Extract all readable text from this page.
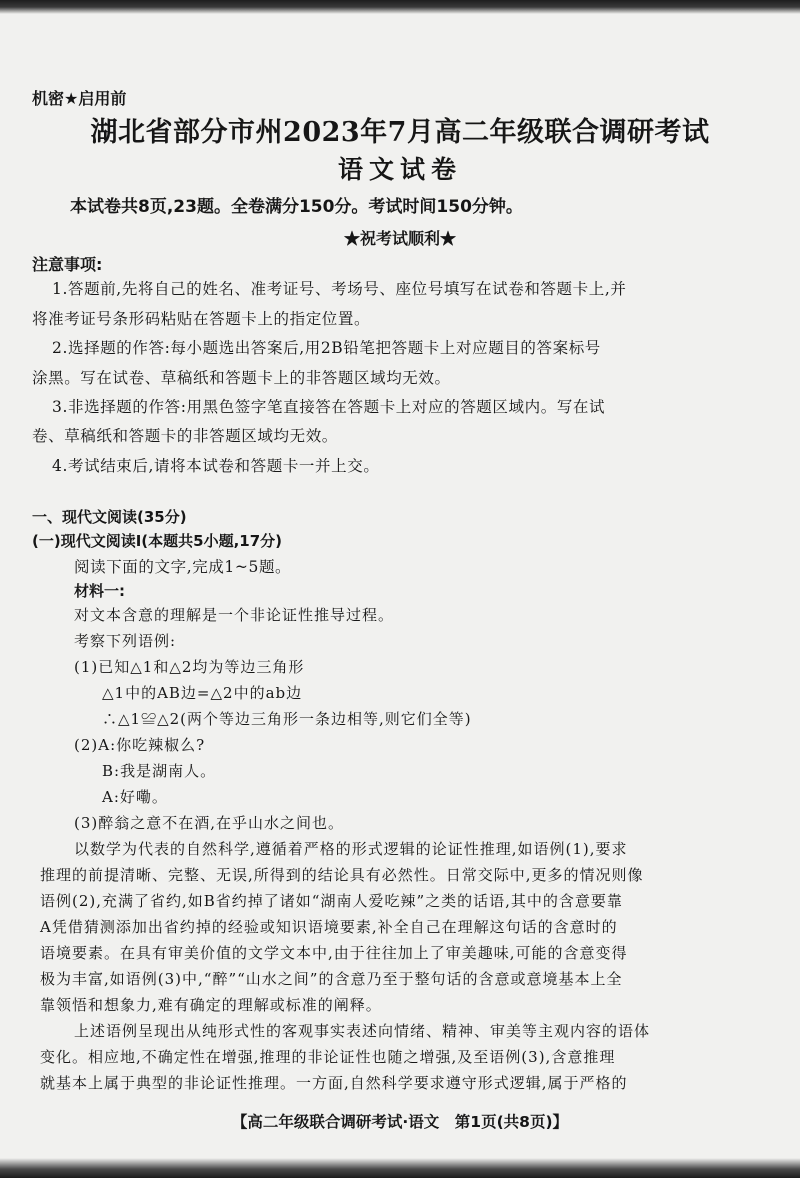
机密★启用前
湖北省部分市州2023年7月高二年级联合调研考试
语文试卷
本试卷共8页,23题。全卷满分150分。考试时间150分钟。
★祝考试顺利★
注意事项:
1.答题前,先将自己的姓名、准考证号、考场号、座位号填写在试卷和答题卡上,并
将准考证号条形码粘贴在答题卡上的指定位置。
2.选择题的作答:每小题选出答案后,用2B铅笔把答题卡上对应题目的答案标号
涂黑。写在试卷、草稿纸和答题卡上的非答题区域均无效。
3.非选择题的作答:用黑色签字笔直接答在答题卡上对应的答题区域内。写在试
卷、草稿纸和答题卡的非答题区域均无效。
4.考试结束后,请将本试卷和答题卡一并上交。
一、现代文阅读(35分)
(一)现代文阅读Ⅰ(本题共5小题,17分)
阅读下面的文字,完成1~5题。
材料一:
对文本含意的理解是一个非论证性推导过程。
考察下列语例:
(1)已知△1和△2均为等边三角形
△1中的AB边=△2中的ab边
∴△1≌△2(两个等边三角形一条边相等,则它们全等)
(2)A:你吃辣椒么?
B:我是湖南人。
A:好嘞。
(3)醉翁之意不在酒,在乎山水之间也。
以数学为代表的自然科学,遵循着严格的形式逻辑的论证性推理,如语例(1),要求
推理的前提清晰、完整、无误,所得到的结论具有必然性。日常交际中,更多的情况则像
语例(2),充满了省约,如B省约掉了诸如“湖南人爱吃辣”之类的话语,其中的含意要靠
A凭借猜测添加出省约掉的经验或知识语境要素,补全自己在理解这句话的含意时的
语境要素。在具有审美价值的文学文本中,由于往往加上了审美趣味,可能的含意变得
极为丰富,如语例(3)中,“醉”“山水之间”的含意乃至于整句话的含意或意境基本上全
靠领悟和想象力,难有确定的理解或标准的阐释。
上述语例呈现出从纯形式性的客观事实表述向情绪、精神、审美等主观内容的语体
变化。相应地,不确定性在增强,推理的非论证性也随之增强,及至语例(3),含意推理
就基本上属于典型的非论证性推理。一方面,自然科学要求遵守形式逻辑,属于严格的
【高二年级联合调研考试·语文　第1页(共8页)】
